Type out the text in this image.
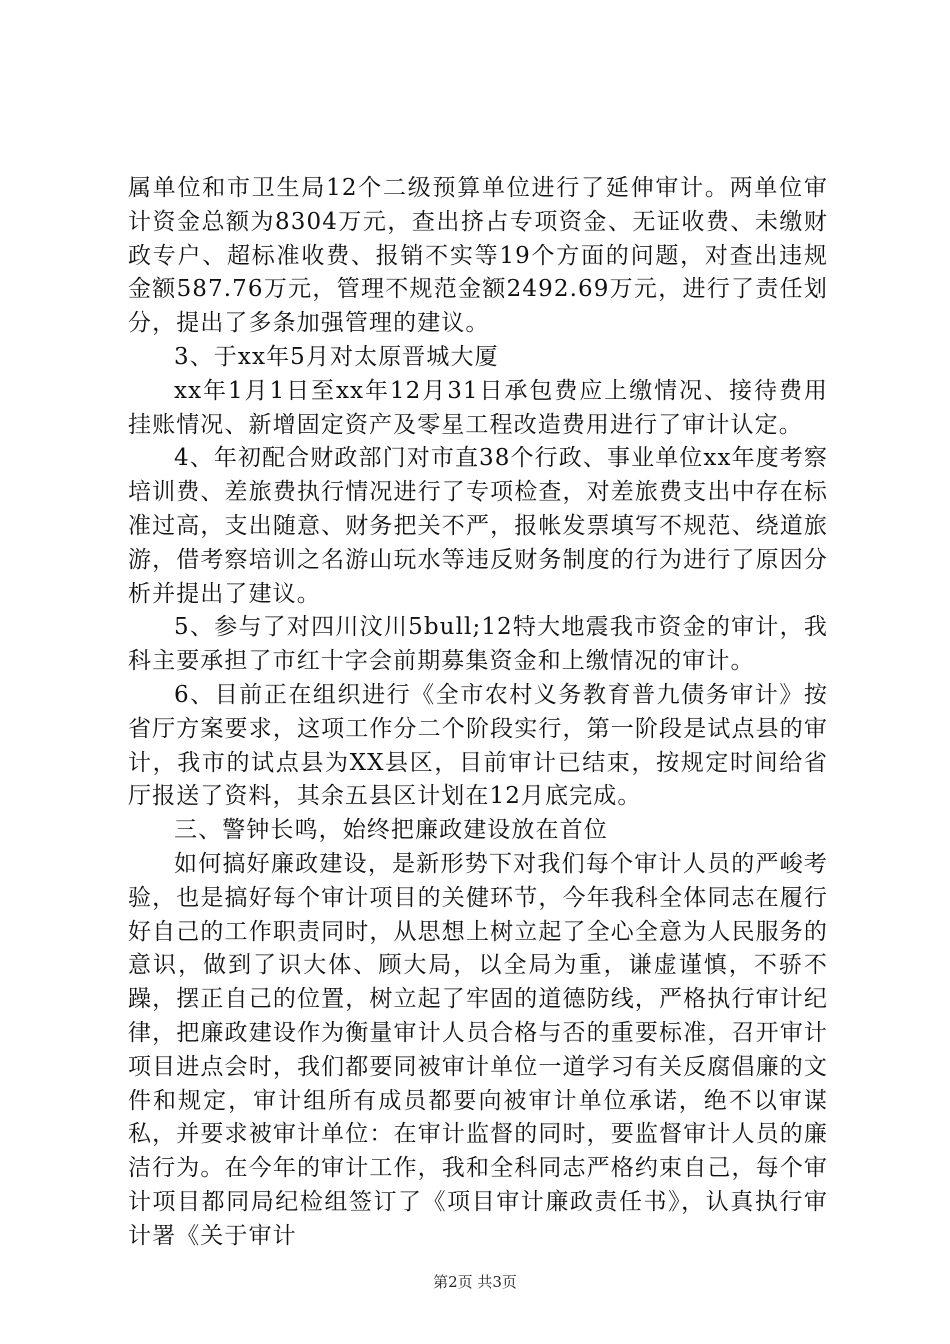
属单位和市卫生局12个二级预算单位进行了延伸审计。两单位审计资金总额为8304万元，查出挤占专项资金、无证收费、未缴财政专户、超标准收费、报销不实等19个方面的问题，对查出违规金额587.76万元，管理不规范金额2492.69万元，进行了责任划分，提出了多条加强管理的建议。

3、于xx年5月对太原晋城大厦

xx年1月1日至xx年12月31日承包费应上缴情况、接待费用挂账情况、新增固定资产及零星工程改造费用进行了审计认定。

4、年初配合财政部门对市直38个行政、事业单位xx年度考察培训费、差旅费执行情况进行了专项检查，对差旅费支出中存在标准过高，支出随意、财务把关不严，报帐发票填写不规范、绕道旅游，借考察培训之名游山玩水等违反财务制度的行为进行了原因分析并提出了建议。

5、参与了对四川汶川5bull;12特大地震我市资金的审计，我科主要承担了市红十字会前期募集资金和上缴情况的审计。

6、目前正在组织进行《全市农村义务教育普九债务审计》按省厅方案要求，这项工作分二个阶段实行，第一阶段是试点县的审计，我市的试点县为XX县区，目前审计已结束，按规定时间给省厅报送了资料，其余五县区计划在12月底完成。

三、警钟长鸣，始终把廉政建设放在首位

如何搞好廉政建设，是新形势下对我们每个审计人员的严峻考验，也是搞好每个审计项目的关健环节，今年我科全体同志在履行好自己的工作职责同时，从思想上树立起了全心全意为人民服务的意识，做到了识大体、顾大局，以全局为重，谦虚谨慎，不骄不躁，摆正自己的位置，树立起了牢固的道德防线，严格执行审计纪律，把廉政建设作为衡量审计人员合格与否的重要标准，召开审计项目进点会时，我们都要同被审计单位一道学习有关反腐倡廉的文件和规定，审计组所有成员都要向被审计单位承诺，绝不以审谋私，并要求被审计单位：在审计监督的同时，要监督审计人员的廉洁行为。在今年的审计工作，我和全科同志严格约束自己，每个审计项目都同局纪检组签订了《项目审计廉政责任书》，认真执行审计署《关于审计

第2页 共3页
